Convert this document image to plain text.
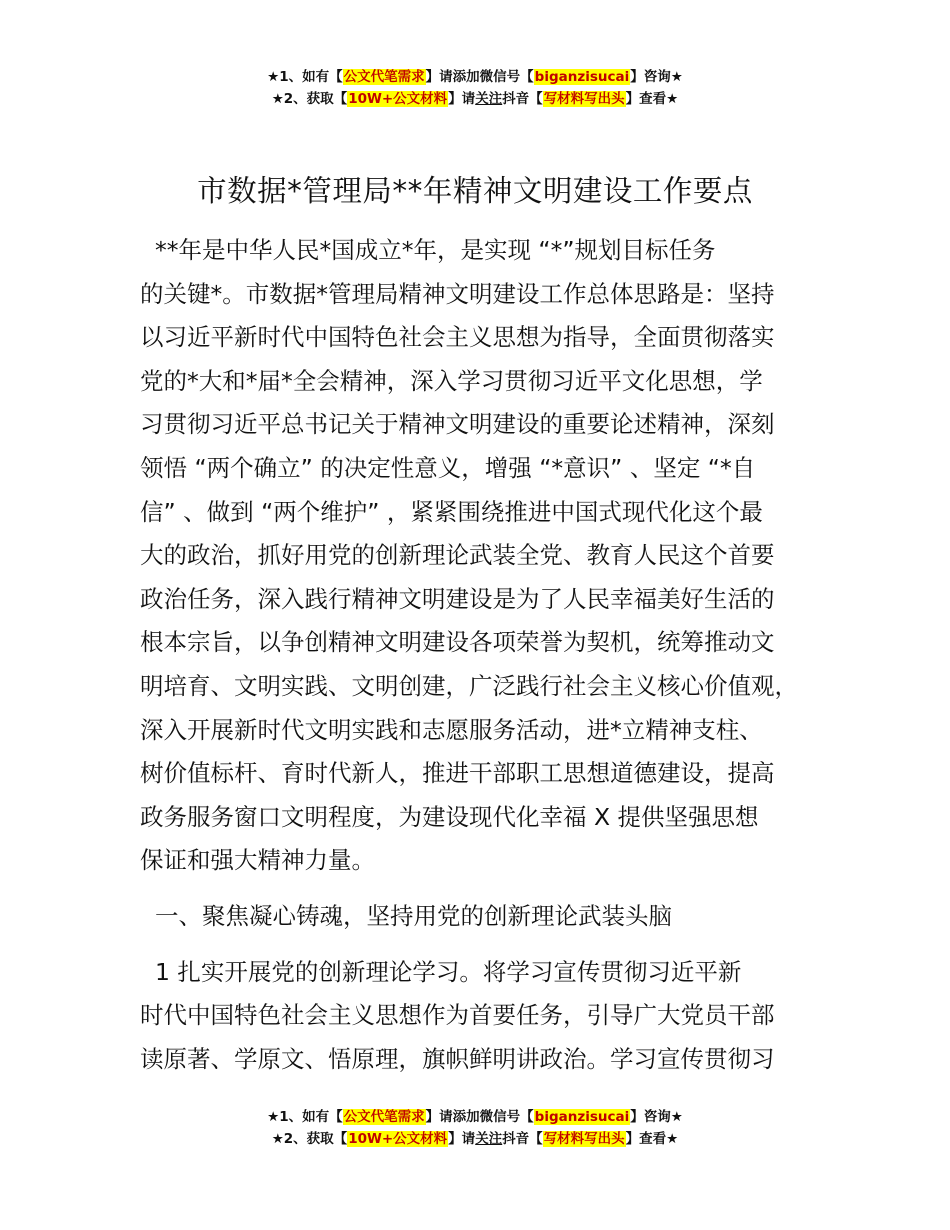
★1、如有【公文代笔需求】请添加微信号【biganzisucai】咨询★
★2、获取【10W+公文材料】请关注抖音【写材料写出头】查看★
市数据*管理局**年精神文明建设工作要点
**年是中华人民*国成立*年，是实现 “*”规划目标任务
的关键*。市数据*管理局精神文明建设工作总体思路是：坚持
以习近平新时代中国特色社会主义思想为指导，全面贯彻落实
党的*大和*届*全会精神，深入学习贯彻习近平文化思想，学
习贯彻习近平总书记关于精神文明建设的重要论述精神，深刻
领悟 “两个确立” 的决定性意义，增强 “*意识” 、坚定 “*自
信” 、做到 “两个维护” ，紧紧围绕推进中国式现代化这个最
大的政治，抓好用党的创新理论武装全党、教育人民这个首要
政治任务，深入践行精神文明建设是为了人民幸福美好生活的
根本宗旨，以争创精神文明建设各项荣誉为契机，统筹推动文
明培育、文明实践、文明创建，广泛践行社会主义核心价值观，
深入开展新时代文明实践和志愿服务活动，进*立精神支柱、
树价值标杆、育时代新人，推进干部职工思想道德建设，提高
政务服务窗口文明程度，为建设现代化幸福 X 提供坚强思想
保证和强大精神力量。
一、聚焦凝心铸魂，坚持用党的创新理论武装头脑
1 扎实开展党的创新理论学习。将学习宣传贯彻习近平新
时代中国特色社会主义思想作为首要任务，引导广大党员干部
读原著、学原文、悟原理，旗帜鲜明讲政治。学习宣传贯彻习
★1、如有【公文代笔需求】请添加微信号【biganzisucai】咨询★
★2、获取【10W+公文材料】请关注抖音【写材料写出头】查看★
